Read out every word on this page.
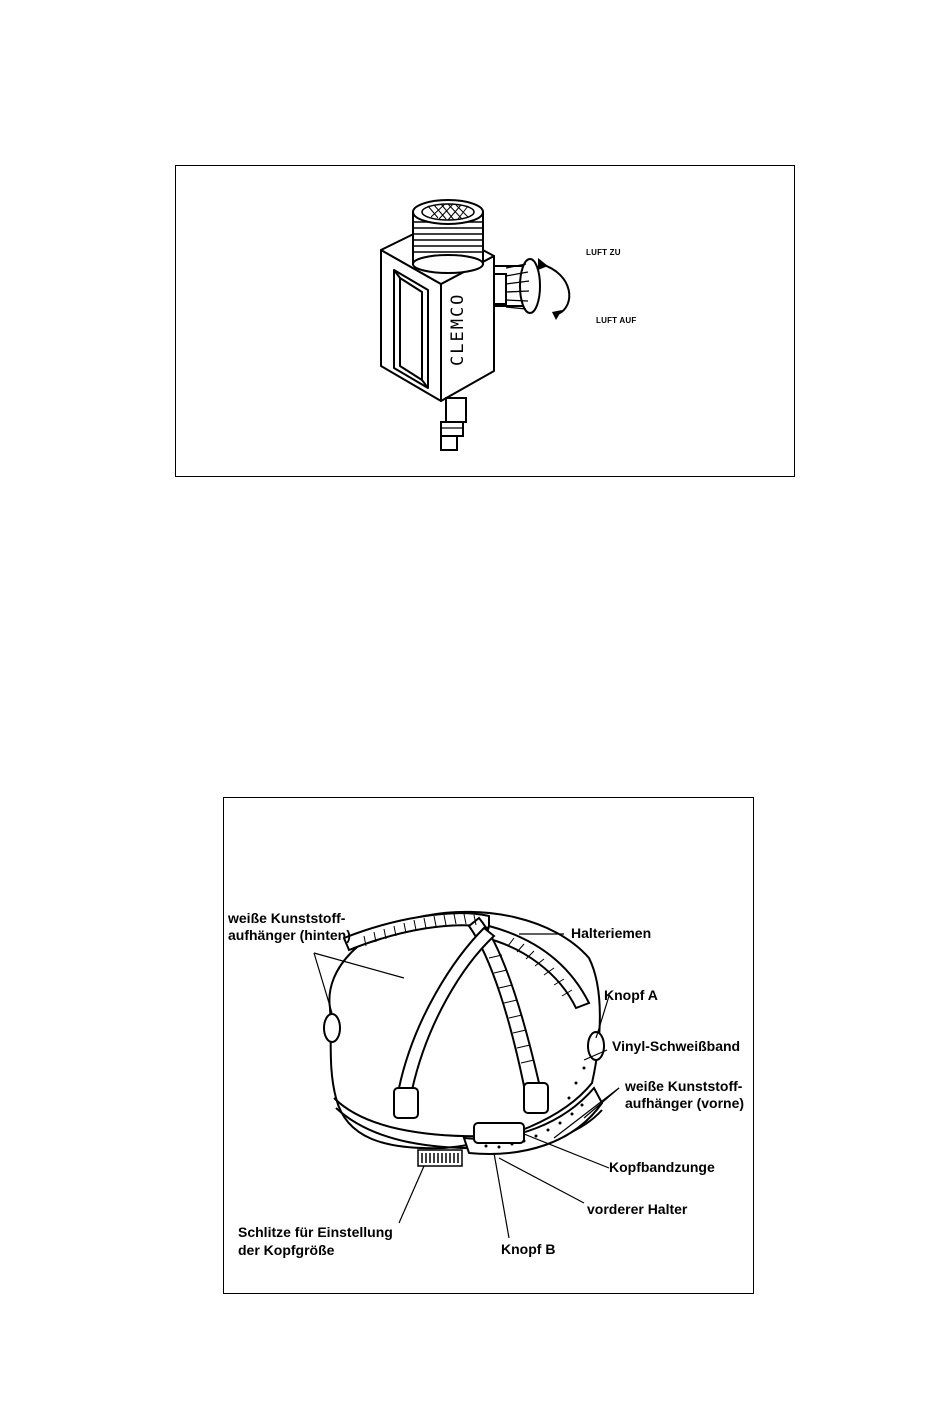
CLEMCO
LUFT ZU
LUFT AUF
weiße Kunststoff-
aufhänger (hinten)	Halteriemen
Knopf A
Vinyl-Schweißband
weiße Kunststoff-
aufhänger (vorne)
Kopfbandzunge
vorderer Halter
Schlitze für Einstellung
der Kopfgröße	Knopf B
